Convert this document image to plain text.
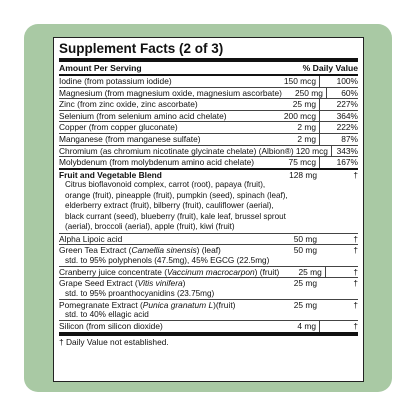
Supplement Facts (2 of 3)
Amount Per Serving	% Daily Value
Iodine (from potassium iodide)	150 mcg	100%
Magnesium (from magnesium oxide, magnesium ascorbate)	250 mg	60%
Zinc (from zinc oxide, zinc ascorbate)	25 mg	227%
Selenium (from selenium amino acid chelate)	200 mcg	364%
Copper (from copper gluconate)	2 mg	222%
Manganese (from manganese sulfate)	2 mg	87%
Chromium (as chromium nicotinate glycinate chelate) (Albion®) 120 mcg	343%
Molybdenum (from molybdenum amino acid chelate)	75 mcg	167%
Fruit and Vegetable Blend	128 mg	†
Citrus bioflavonoid complex, carrot (root), papaya (fruit), orange (fruit), pineapple (fruit), pumpkin (seed), spinach (leaf), elderberry extract (fruit), bilberry (fruit), cauliflower (aerial), black currant (seed), blueberry (fruit), kale leaf, brussel sprout (aerial), broccoli (aerial), apple (fruit), kiwi (fruit)
Alpha Lipoic acid	50 mg	†
Green Tea Extract (Camellia sinensis) (leaf)	50 mg	†
std. to 95% polyphenols (47.5mg), 45% EGCG (22.5mg)
Cranberry juice concentrate (Vaccinum macrocarpon) (fruit)	25 mg	†
Grape Seed Extract (Vitis vinifera)	25 mg	†
std. to 95% proanthocyanidins (23.75mg)
Pomegranate Extract (Punica granatum L)(fruit)	25 mg	†
std. to 40% ellagic acid
Silicon (from silicon dioxide)	4 mg	†
† Daily Value not established.
